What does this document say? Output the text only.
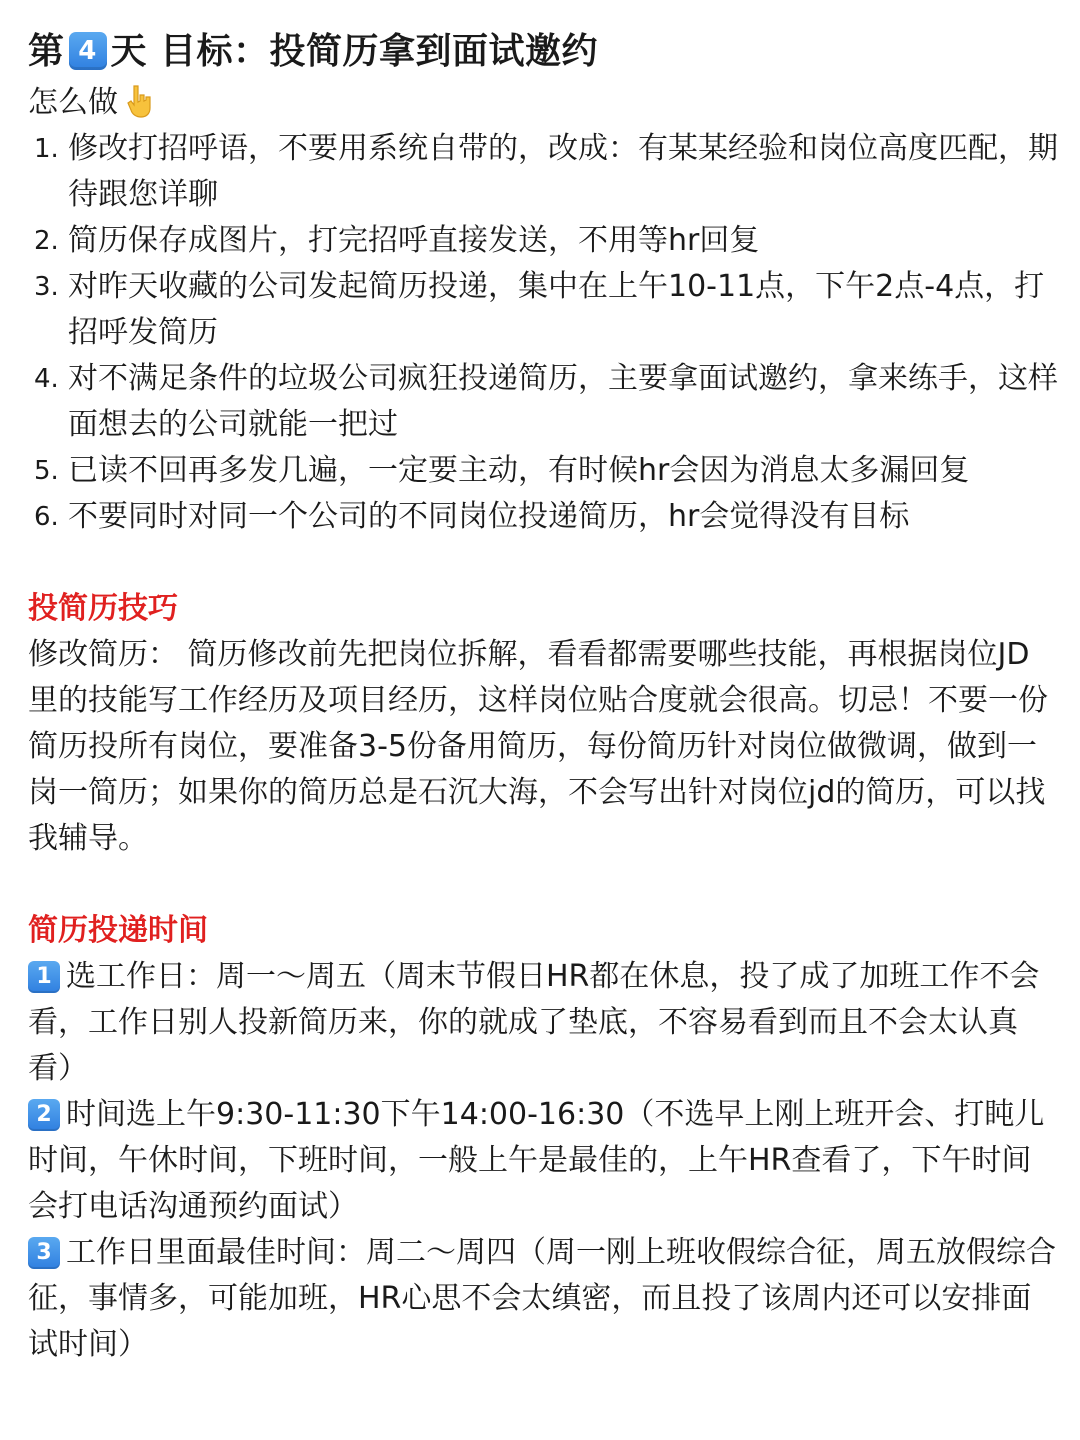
第 4 天 目标：投简历拿到面试邀约

怎么做

1. 修改打招呼语，不要用系统自带的，改成：有某某经验和岗位高度匹配，期待跟您详聊
2. 简历保存成图片，打完招呼直接发送，不用等hr回复
3. 对昨天收藏的公司发起简历投递，集中在上午10-11点，下午2点-4点，打招呼发简历
4. 对不满足条件的垃圾公司疯狂投递简历，主要拿面试邀约，拿来练手，这样面想去的公司就能一把过
5. 已读不回再多发几遍，一定要主动，有时候hr会因为消息太多漏回复
6. 不要同时对同一个公司的不同岗位投递简历，hr会觉得没有目标
投简历技巧

修改简历： 简历修改前先把岗位拆解，看看都需要哪些技能，再根据岗位JD里的技能写工作经历及项目经历，这样岗位贴合度就会很高。切忌！不要一份简历投所有岗位，要准备3-5份备用简历，每份简历针对岗位做微调，做到一岗一简历；如果你的简历总是石沉大海，不会写出针对岗位jd的简历，可以找我辅导。

简历投递时间

1 选工作日：周一～周五（周末节假日HR都在休息，投了成了加班工作不会看，工作日别人投新简历来，你的就成了垫底，不容易看到而且不会太认真看）

2 时间选上午9:30-11:30下午14:00-16:30（不选早上刚上班开会、打盹儿时间，午休时间，下班时间，一般上午是最佳的，上午HR查看了，下午时间会打电话沟通预约面试）

3 工作日里面最佳时间：周二～周四（周一刚上班收假综合征，周五放假综合征，事情多，可能加班，HR心思不会太缜密，而且投了该周内还可以安排面试时间）
